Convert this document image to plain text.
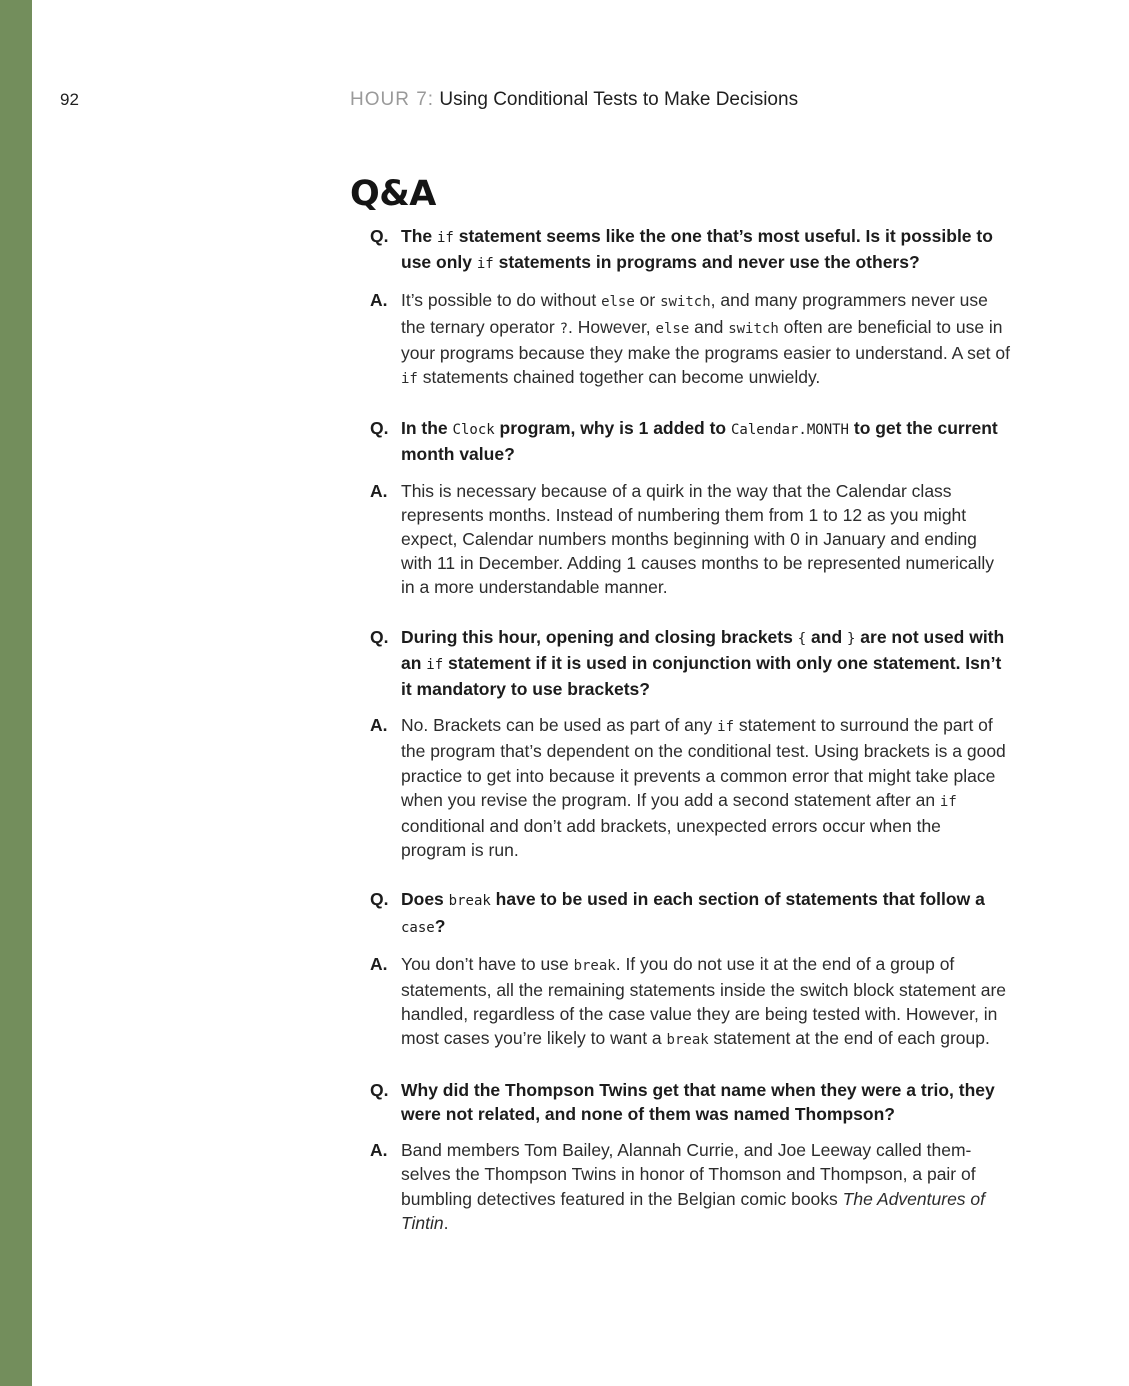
92	HOUR 7: Using Conditional Tests to Make Decisions
Q&A
Q. The if statement seems like the one that’s most useful. Is it possible to use only if statements in programs and never use the others?
A. It’s possible to do without else or switch, and many programmers never use the ternary operator ?. However, else and switch often are beneficial to use in your programs because they make the programs easier to understand. A set of if statements chained together can become unwieldy.
Q. In the Clock program, why is 1 added to Calendar.MONTH to get the current month value?
A. This is necessary because of a quirk in the way that the Calendar class represents months. Instead of numbering them from 1 to 12 as you might expect, Calendar numbers months beginning with 0 in January and ending with 11 in December. Adding 1 causes months to be represented numerically in a more understandable manner.
Q. During this hour, opening and closing brackets { and } are not used with an if statement if it is used in conjunction with only one statement. Isn’t it mandatory to use brackets?
A. No. Brackets can be used as part of any if statement to surround the part of the program that’s dependent on the conditional test. Using brackets is a good practice to get into because it prevents a common error that might take place when you revise the program. If you add a second statement after an if conditional and don’t add brackets, unexpected errors occur when the program is run.
Q. Does break have to be used in each section of statements that follow a case?
A. You don’t have to use break. If you do not use it at the end of a group of statements, all the remaining statements inside the switch block statement are handled, regardless of the case value they are being tested with. However, in most cases you’re likely to want a break statement at the end of each group.
Q. Why did the Thompson Twins get that name when they were a trio, they were not related, and none of them was named Thompson?
A. Band members Tom Bailey, Alannah Currie, and Joe Leeway called themselves the Thompson Twins in honor of Thomson and Thompson, a pair of bumbling detectives featured in the Belgian comic books The Adventures of Tintin.
